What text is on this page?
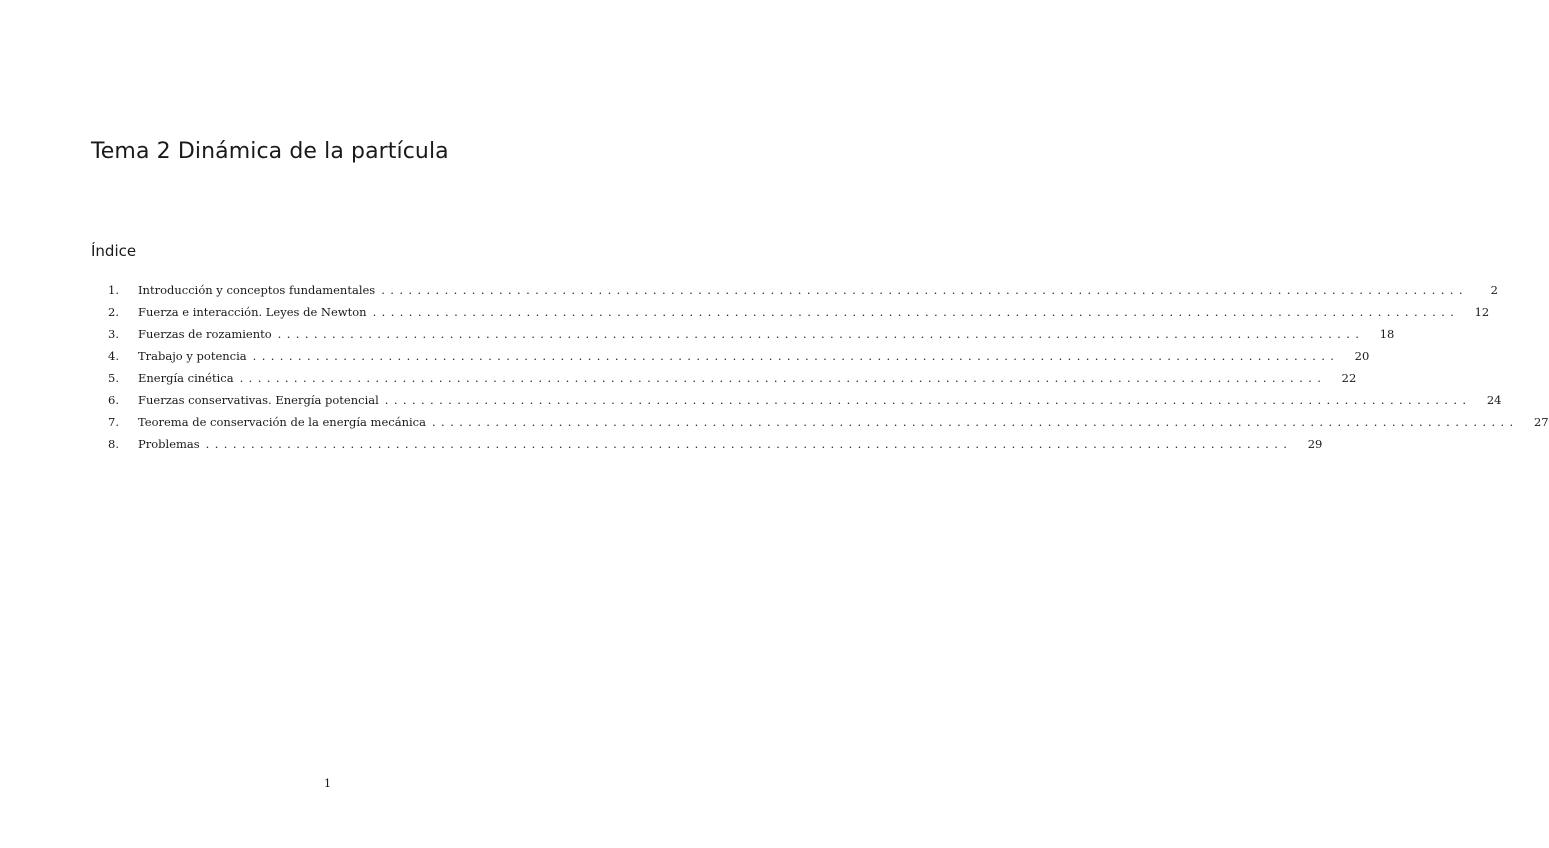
Tema 2 Dinámica de la partícula
Índice
1.	Introducción y conceptos fundamentales ........................................................................................................................	2
2.	Fuerza e interacción. Leyes de Newton ........................................................................................................................	12
3.	Fuerzas de rozamiento ........................................................................................................................	18
4.	Trabajo y potencia ........................................................................................................................	20
5.	Energía cinética ........................................................................................................................	22
6.	Fuerzas conservativas. Energía potencial ........................................................................................................................	24
7.	Teorema de conservación de la energía mecánica ........................................................................................................................	27
8.	Problemas ........................................................................................................................	29

1
